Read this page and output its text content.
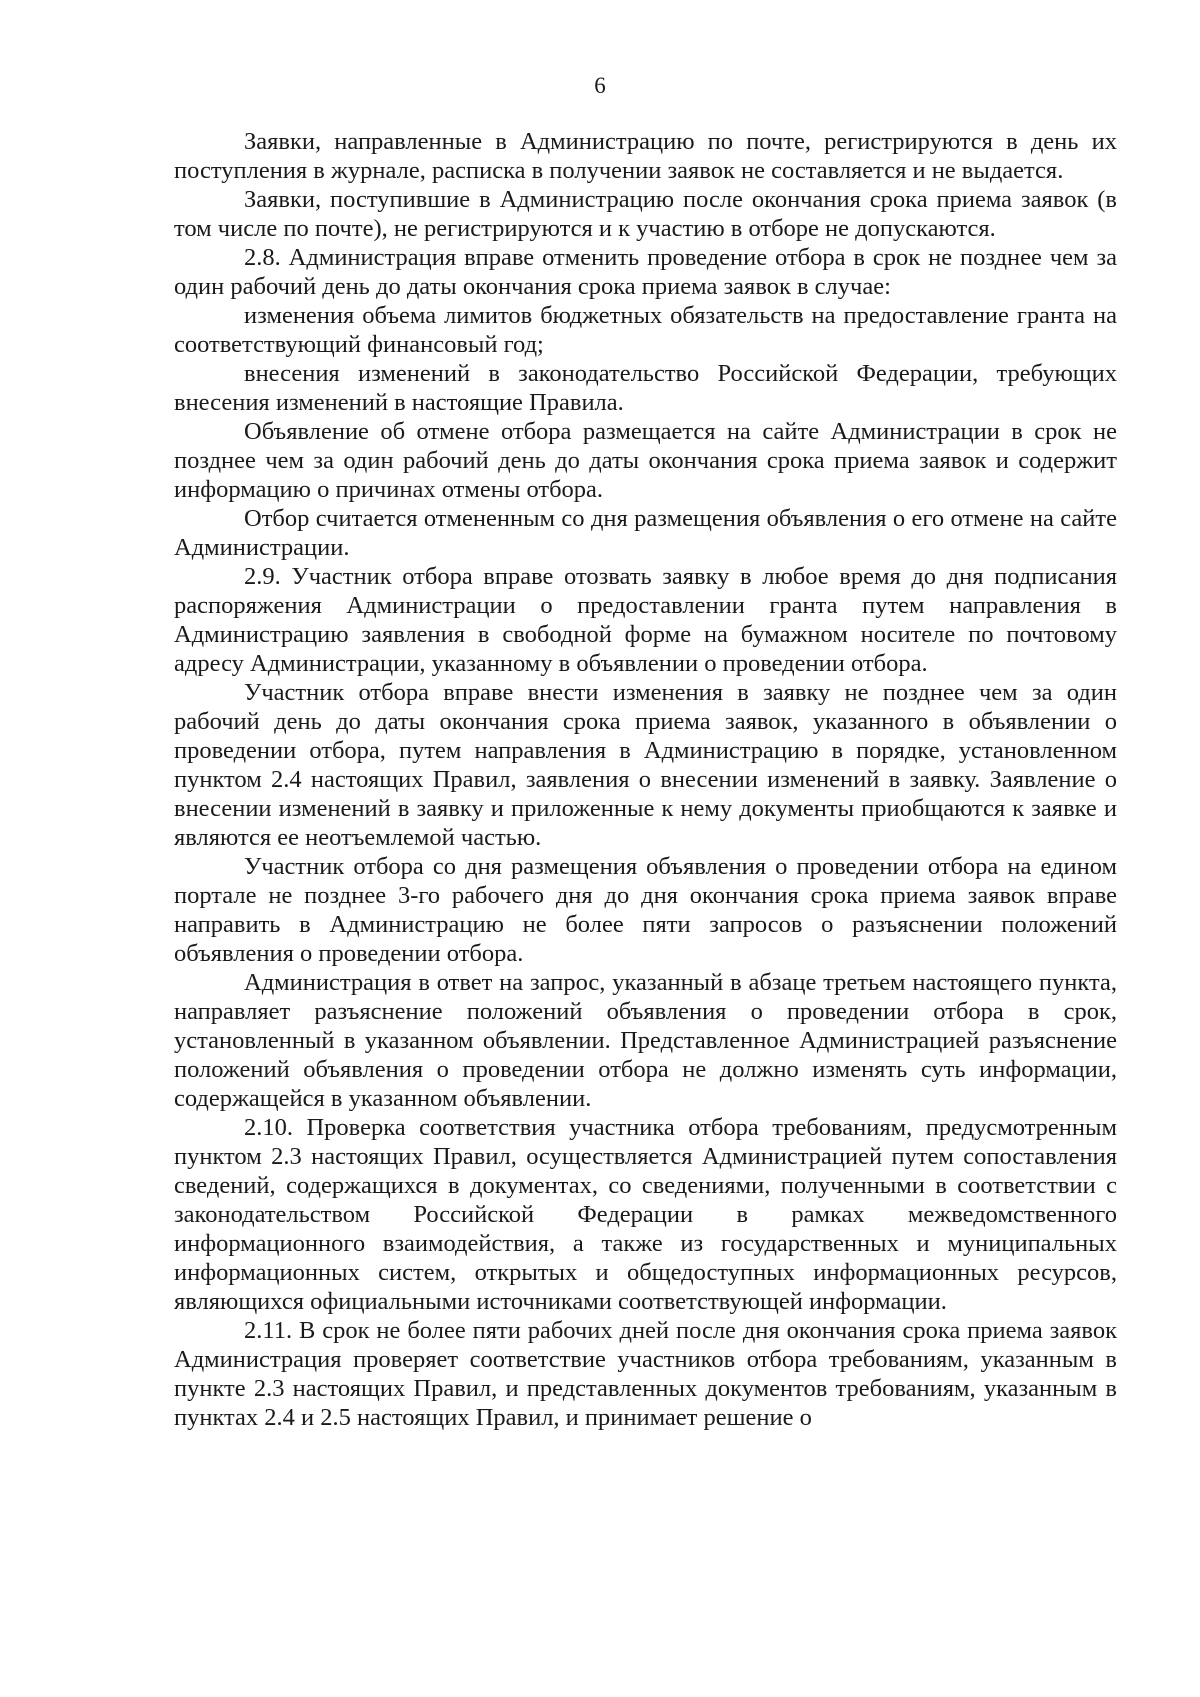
6

Заявки, направленные в Администрацию по почте, регистрируются в день их поступления в журнале, расписка в получении заявок не составляется и не выдается.

Заявки, поступившие в Администрацию после окончания срока приема заявок (в том числе по почте), не регистрируются и к участию в отборе не допускаются.

2.8. Администрация вправе отменить проведение отбора в срок не позднее чем за один рабочий день до даты окончания срока приема заявок в случае:

изменения объема лимитов бюджетных обязательств на предоставление гранта на соответствующий финансовый год;

внесения изменений в законодательство Российской Федерации, требующих внесения изменений в настоящие Правила.

Объявление об отмене отбора размещается на сайте Администрации в срок не позднее чем за один рабочий день до даты окончания срока приема заявок и содержит информацию о причинах отмены отбора.

Отбор считается отмененным со дня размещения объявления о его отмене на сайте Администрации.

2.9. Участник отбора вправе отозвать заявку в любое время до дня подписания распоряжения Администрации о предоставлении гранта путем направления в Администрацию заявления в свободной форме на бумажном носителе по почтовому адресу Администрации, указанному в объявлении о проведении отбора.

Участник отбора вправе внести изменения в заявку не позднее чем за один рабочий день до даты окончания срока приема заявок, указанного в объявлении о проведении отбора, путем направления в Администрацию в порядке, установленном пунктом 2.4 настоящих Правил, заявления о внесении изменений в заявку. Заявление о внесении изменений в заявку и приложенные к нему документы приобщаются к заявке и являются ее неотъемлемой частью.

Участник отбора со дня размещения объявления о проведении отбора на едином портале не позднее 3-го рабочего дня до дня окончания срока приема заявок вправе направить в Администрацию не более пяти запросов о разъяснении положений объявления о проведении отбора.

Администрация в ответ на запрос, указанный в абзаце третьем настоящего пункта, направляет разъяснение положений объявления о проведении отбора в срок, установленный в указанном объявлении. Представленное Администрацией разъяснение положений объявления о проведении отбора не должно изменять суть информации, содержащейся в указанном объявлении.

2.10. Проверка соответствия участника отбора требованиям, предусмотренным пунктом 2.3 настоящих Правил, осуществляется Администрацией путем сопоставления сведений, содержащихся в документах, со сведениями, полученными в соответствии с законодательством Российской Федерации в рамках межведомственного информационного взаимодействия, а также из государственных и муниципальных информационных систем, открытых и общедоступных информационных ресурсов, являющихся официальными источниками соответствующей информации.

2.11. В срок не более пяти рабочих дней после дня окончания срока приема заявок Администрация проверяет соответствие участников отбора требованиям, указанным в пункте 2.3 настоящих Правил, и представленных документов требованиям, указанным в пунктах 2.4 и 2.5 настоящих Правил, и принимает решение о
